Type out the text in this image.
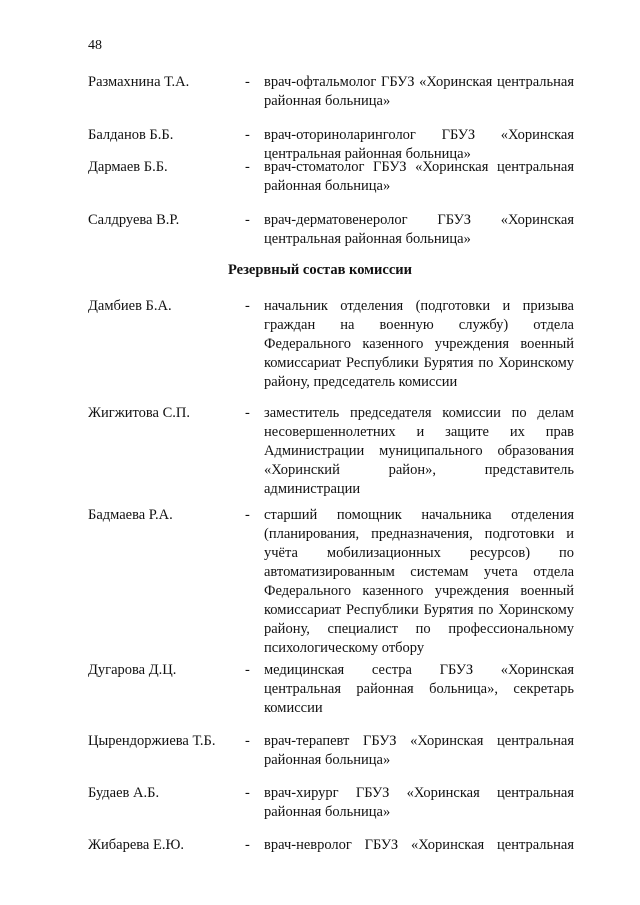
48
Размахнина Т.А.	- врач-офтальмолог ГБУЗ «Хоринская центральная районная больница»
Балданов Б.Б.	- врач-оториноларинголог ГБУЗ «Хоринская центральная районная больница»
Дармаев Б.Б.	- врач-стоматолог ГБУЗ «Хоринская центральная районная больница»
Салдруева В.Р.	- врач-дерматовенеролог ГБУЗ «Хоринская центральная районная больница»
Резервный состав комиссии
Дамбиев Б.А.	- начальник отделения (подготовки и призыва граждан на военную службу) отдела Федерального казенного учреждения военный комиссариат Республики Бурятия по Хоринскому району, председатель комиссии
Жигжитова С.П.	- заместитель председателя комиссии по делам несовершеннолетних и защите их прав Администрации муниципального образования «Хоринский район», представитель администрации
Бадмаева Р.А.	- старший помощник начальника отделения (планирования, предназначения, подготовки и учёта мобилизационных ресурсов) по автоматизированным системам учета отдела Федерального казенного учреждения военный комиссариат Республики Бурятия по Хоринскому району, специалист по профессиональному психологическому отбору
Дугарова Д.Ц.	- медицинская сестра ГБУЗ «Хоринская центральная районная больница», секретарь комиссии
Цырендоржиева Т.Б. - врач-терапевт ГБУЗ «Хоринская центральная районная больница»
Будаев А.Б.	- врач-хирург ГБУЗ «Хоринская центральная районная больница»
Жибарева Е.Ю.	- врач-невролог ГБУЗ «Хоринская центральная
